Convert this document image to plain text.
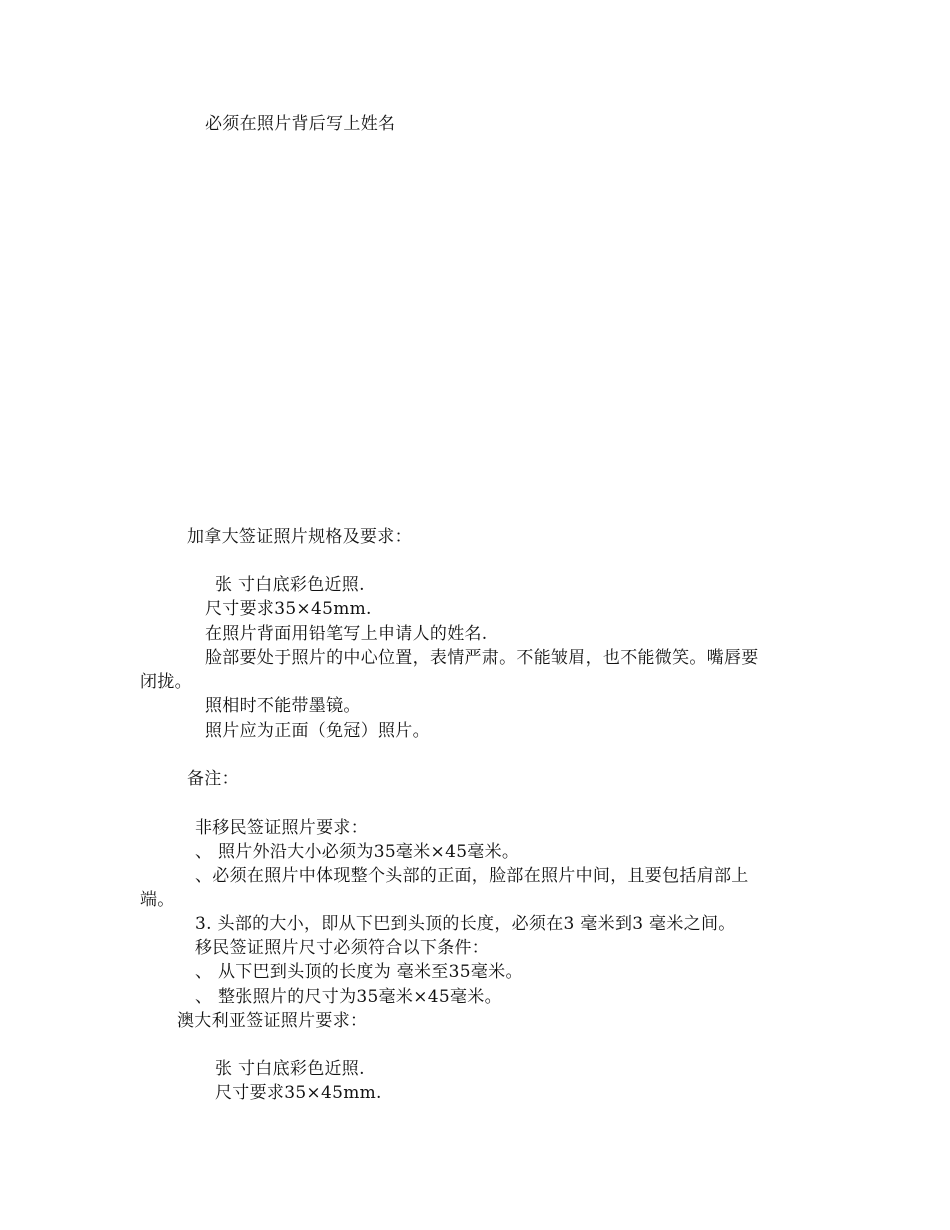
必须在照片背后写上姓名
加拿大签证照片规格及要求：
张 寸白底彩色近照.
尺寸要求35×45mm.
在照片背面用铅笔写上申请人的姓名.
脸部要处于照片的中心位置，表情严肃。不能皱眉，也不能微笑。嘴唇要
闭拢。
照相时不能带墨镜。
照片应为正面（免冠）照片。
备注：
非移民签证照片要求：
、 照片外沿大小必须为35毫米×45毫米。
、必须在照片中体现整个头部的正面，脸部在照片中间，且要包括肩部上
端。
3. 头部的大小，即从下巴到头顶的长度，必须在3 毫米到3 毫米之间。
移民签证照片尺寸必须符合以下条件：
、 从下巴到头顶的长度为 毫米至35毫米。
、 整张照片的尺寸为35毫米×45毫米。
澳大利亚签证照片要求：
张 寸白底彩色近照.
尺寸要求35×45mm.
